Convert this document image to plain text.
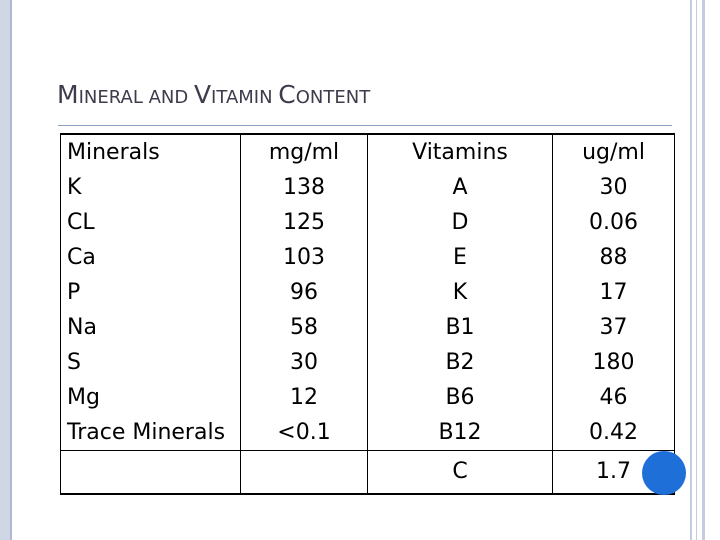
MINERAL AND VITAMIN CONTENT
Minerals	mg/ml	Vitamins	ug/ml
K	138	A	30
CL	125	D	0.06
Ca	103	E	88
P	96	K	17
Na	58	B1	37
S	30	B2	180
Mg	12	B6	46
Trace Minerals	<0.1	B12	0.42
		C	1.7
